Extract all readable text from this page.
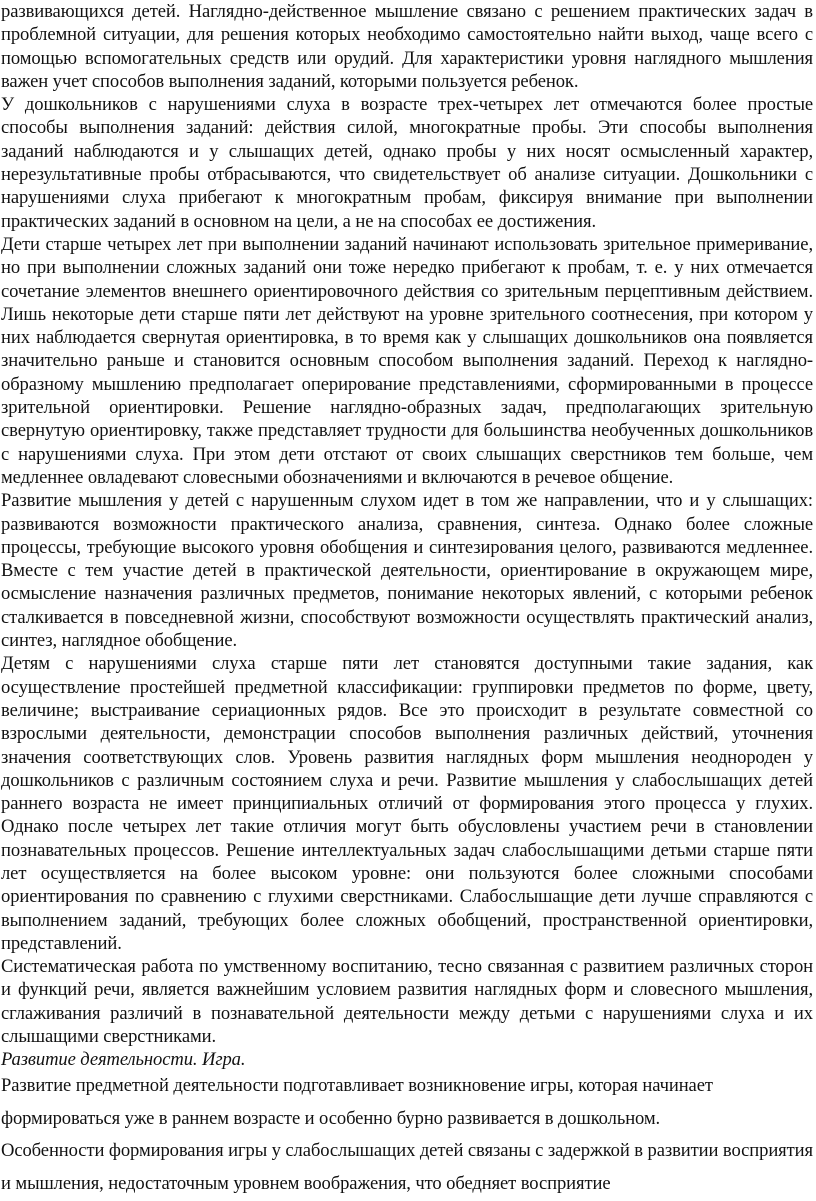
развивающихся детей. Наглядно-действенное мышление связано с решением практических задач в проблемной ситуации, для решения которых необходимо самостоятельно найти выход, чаще всего с помощью вспомогательных средств или орудий. Для характеристики уровня наглядного мышления важен учет способов выполнения заданий, которыми пользуется ребенок.

У дошкольников с нарушениями слуха в возрасте трех-четырех лет отмечаются более простые способы выполнения заданий: действия силой, многократные пробы. Эти способы выполнения заданий наблюдаются и у слышащих детей, однако пробы у них носят осмысленный характер, нерезультативные пробы отбрасываются, что свидетельствует об анализе ситуации. Дошкольники с нарушениями слуха прибегают к многократным пробам, фиксируя внимание при выполнении практических заданий в основном на цели, а не на способах ее достижения.

Дети старше четырех лет при выполнении заданий начинают использовать зрительное примеривание, но при выполнении сложных заданий они тоже нередко прибегают к пробам, т. е. у них отмечается сочетание элементов внешнего ориентировочного действия со зрительным перцептивным действием. Лишь некоторые дети старше пяти лет действуют на уровне зрительного соотнесения, при котором у них наблюдается свернутая ориентировка, в то время как у слышащих дошкольников она появляется значительно раньше и становится основным способом выполнения заданий. Переход к наглядно-образному мышлению предполагает оперирование представлениями, сформированными в процессе зрительной ориентировки. Решение наглядно-образных задач, предполагающих зрительную свернутую ориентировку, также представляет трудности для большинства необученных дошкольников с нарушениями слуха. При этом дети отстают от своих слышащих сверстников тем больше, чем медленнее овладевают словесными обозначениями и включаются в речевое общение.

Развитие мышления у детей с нарушенным слухом идет в том же направлении, что и у слышащих: развиваются возможности практического анализа, сравнения, синтеза. Однако более сложные процессы, требующие высокого уровня обобщения и синтезирования целого, развиваются медленнее. Вместе с тем участие детей в практической деятельности, ориентирование в окружающем мире, осмысление назначения различных предметов, понимание некоторых явлений, с которыми ребенок сталкивается в повседневной жизни, способствуют возможности осуществлять практический анализ, синтез, наглядное обобщение.

Детям с нарушениями слуха старше пяти лет становятся доступными такие задания, как осуществление простейшей предметной классификации: группировки предметов по форме, цвету, величине; выстраивание сериационных рядов. Все это происходит в результате совместной со взрослыми деятельности, демонстрации способов выполнения различных действий, уточнения значения соответствующих слов. Уровень развития наглядных форм мышления неоднороден у дошкольников с различным состоянием слуха и речи. Развитие мышления у слабослышащих детей раннего возраста не имеет принципиальных отличий от формирования этого процесса у глухих. Однако после четырех лет такие отличия могут быть обусловлены участием речи в становлении познавательных процессов. Решение интеллектуальных задач слабослышащими детьми старше пяти лет осуществляется на более высоком уровне: они пользуются более сложными способами ориентирования по сравнению с глухими сверстниками. Слабослышащие дети лучше справляются с выполнением заданий, требующих более сложных обобщений, пространственной ориентировки, представлений.

Систематическая работа по умственному воспитанию, тесно связанная с развитием различных сторон и функций речи, является важнейшим условием развития наглядных форм и словесного мышления, сглаживания различий в познавательной деятельности между детьми с нарушениями слуха и их слышащими сверстниками.

Развитие деятельности. Игра.

Развитие предметной деятельности подготавливает возникновение игры, которая начинает формироваться уже в раннем возрасте и особенно бурно развивается в дошкольном.

Особенности формирования игры у слабослышащих детей связаны с задержкой в развитии восприятия и мышления, недостаточным уровнем воображения, что обедняет восприятие
